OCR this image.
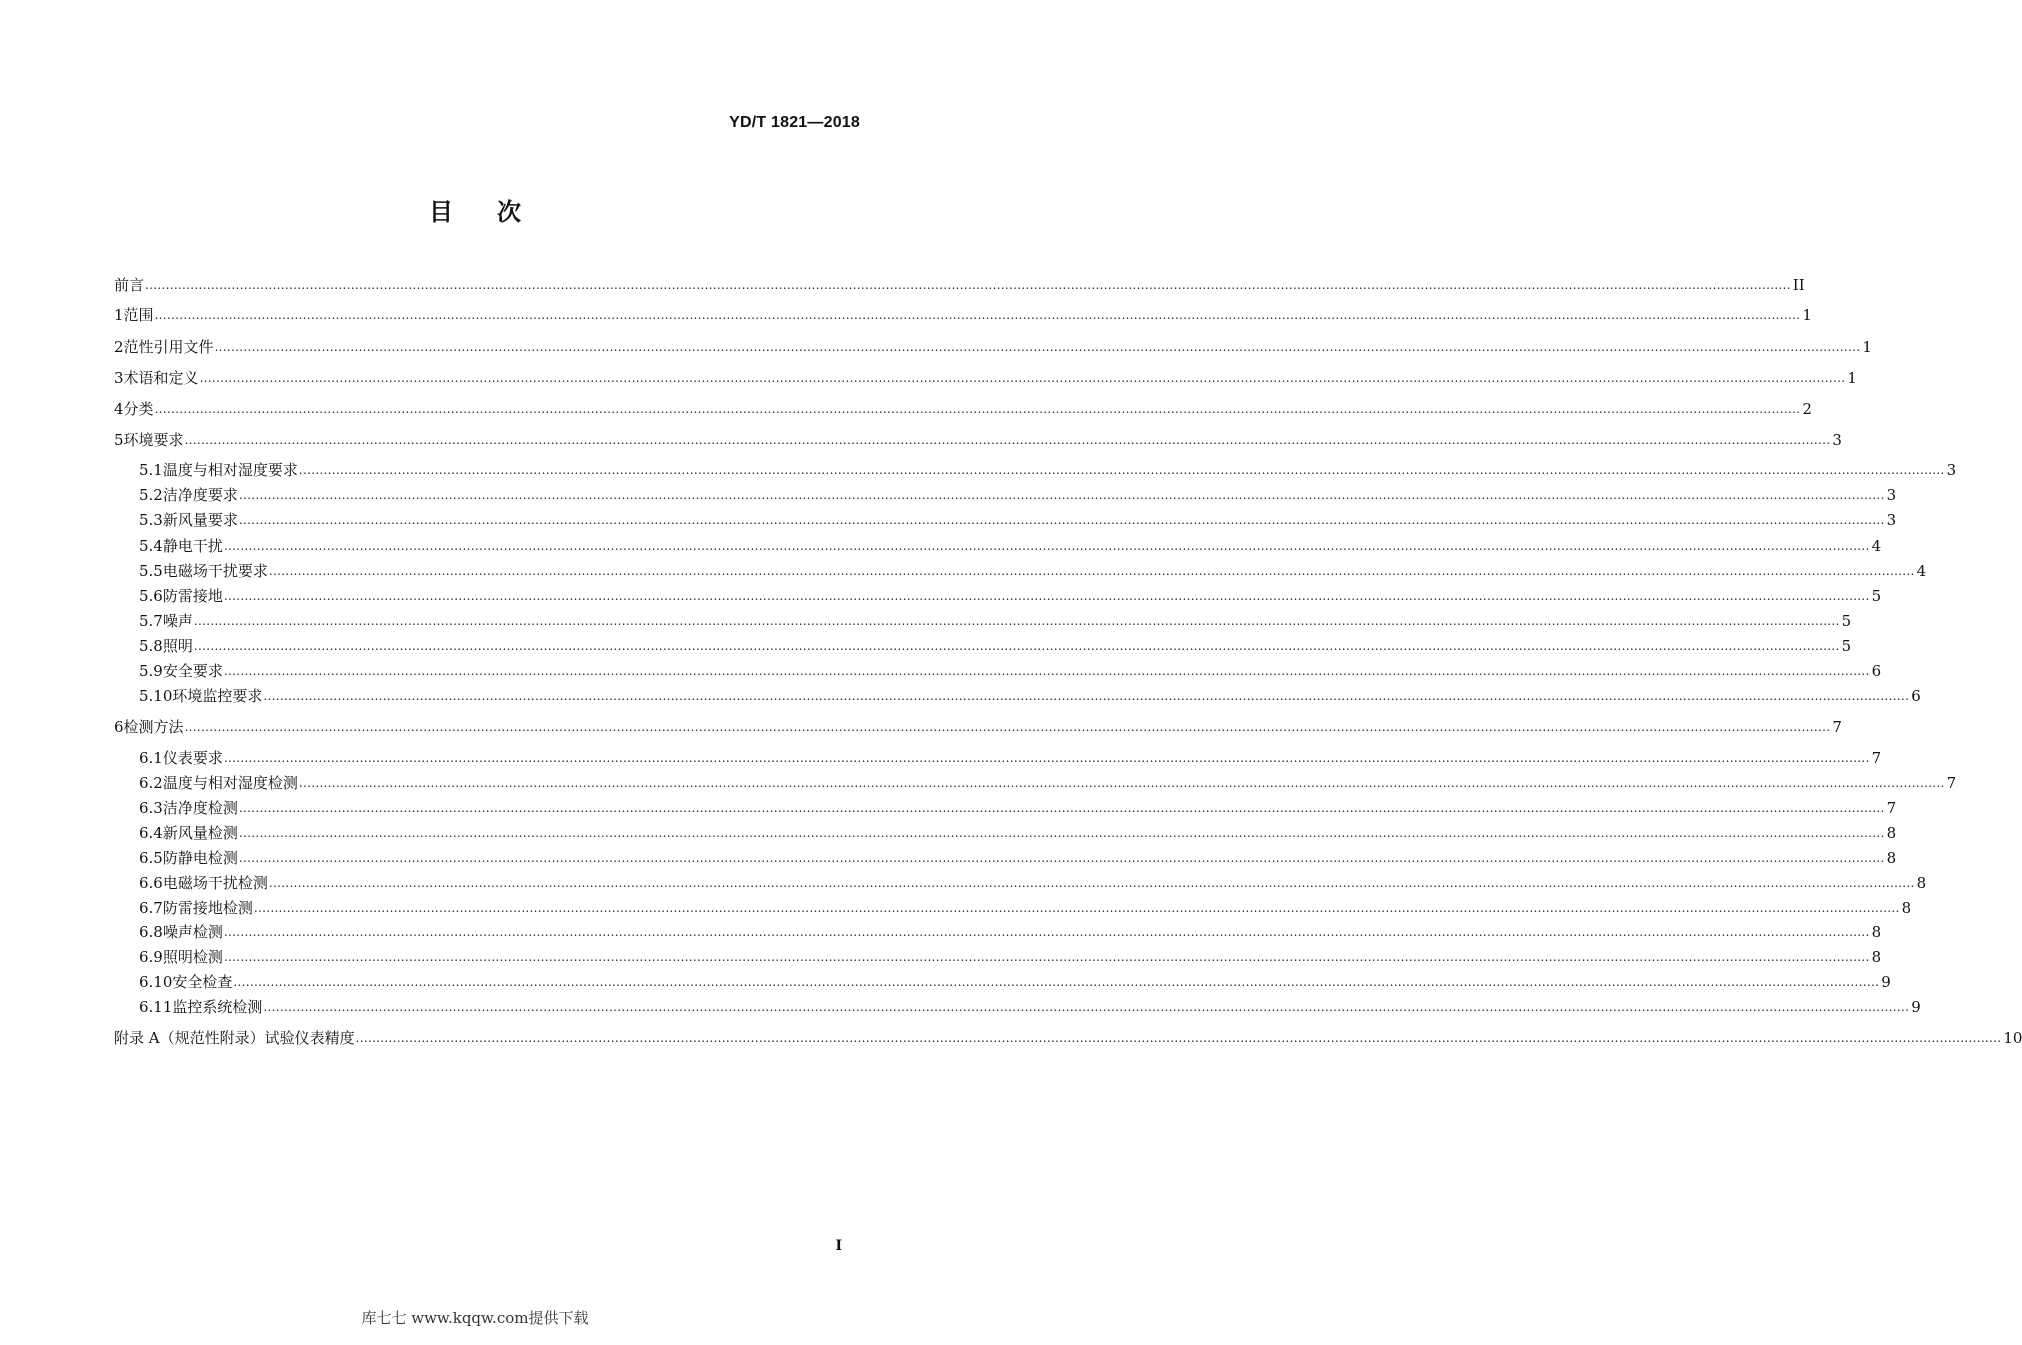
YD/T 1821—2018
目 次
前言 ................................................................................................................................................................................................................................................................................................................................................................................................................ II
1 范围 ................................................................................................................................................................................................................................................................................................................................................................................................................ 1
2 范性引用文件 ................................................................................................................................................................................................................................................................................................................................................................................................................ 1
3 术语和定义 ................................................................................................................................................................................................................................................................................................................................................................................................................ 1
4 分类 ................................................................................................................................................................................................................................................................................................................................................................................................................ 2
5 环境要求 ................................................................................................................................................................................................................................................................................................................................................................................................................ 3
5.1 温度与相对湿度要求 ................................................................................................................................................................................................................................................................................................................................................................................................................ 3
5.2 洁净度要求 ................................................................................................................................................................................................................................................................................................................................................................................................................ 3
5.3 新风量要求 ................................................................................................................................................................................................................................................................................................................................................................................................................ 3
5.4 静电干扰 ................................................................................................................................................................................................................................................................................................................................................................................................................ 4
5.5 电磁场干扰要求 ................................................................................................................................................................................................................................................................................................................................................................................................................ 4
5.6 防雷接地 ................................................................................................................................................................................................................................................................................................................................................................................................................ 5
5.7 噪声 ................................................................................................................................................................................................................................................................................................................................................................................................................ 5
5.8 照明 ................................................................................................................................................................................................................................................................................................................................................................................................................ 5
5.9 安全要求 ................................................................................................................................................................................................................................................................................................................................................................................................................ 6
5.10 环境监控要求 ................................................................................................................................................................................................................................................................................................................................................................................................................ 6
6 检测方法 ................................................................................................................................................................................................................................................................................................................................................................................................................ 7
6.1 仪表要求 ................................................................................................................................................................................................................................................................................................................................................................................................................ 7
6.2 温度与相对湿度检测 ................................................................................................................................................................................................................................................................................................................................................................................................................ 7
6.3 洁净度检测 ................................................................................................................................................................................................................................................................................................................................................................................................................ 7
6.4 新风量检测 ................................................................................................................................................................................................................................................................................................................................................................................................................ 8
6.5 防静电检测 ................................................................................................................................................................................................................................................................................................................................................................................................................ 8
6.6 电磁场干扰检测 ................................................................................................................................................................................................................................................................................................................................................................................................................ 8
6.7 防雷接地检测 ................................................................................................................................................................................................................................................................................................................................................................................................................ 8
6.8 噪声检测 ................................................................................................................................................................................................................................................................................................................................................................................................................ 8
6.9 照明检测 ................................................................................................................................................................................................................................................................................................................................................................................................................ 8
6.10 安全检查 ................................................................................................................................................................................................................................................................................................................................................................................................................ 9
6.11 监控系统检测 ................................................................................................................................................................................................................................................................................................................................................................................................................ 9
附录 A（规范性附录）试验仪表精度 ................................................................................................................................................................................................................................................................................................................................................................................................................ 10
I
库七七 www.kqqw.com提供下载
